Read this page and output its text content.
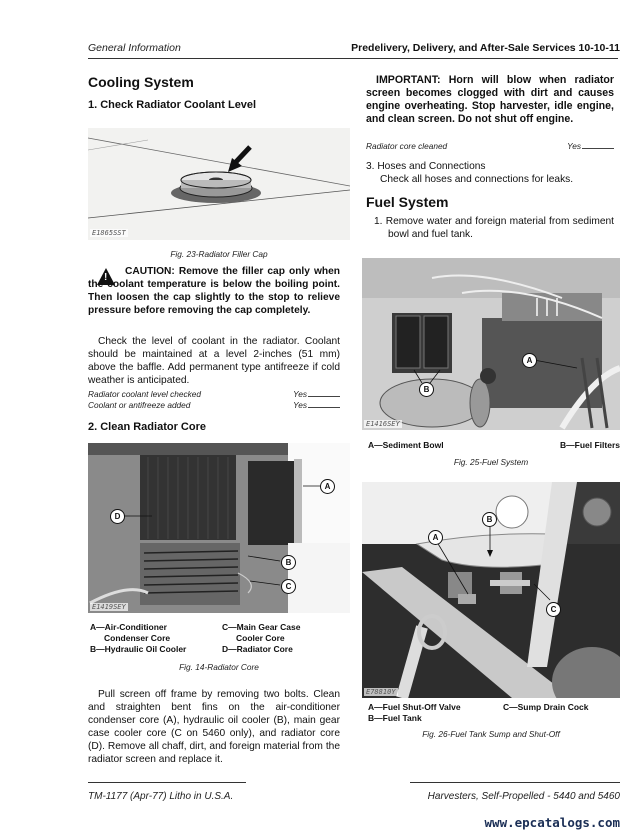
General Information	Predelivery, Delivery, and After-Sale Services 10-10-11
Cooling System
1. Check Radiator Coolant Level
E1865SST
Fig. 23-Radiator Filler Cap
!
CAUTION: Remove the filler cap only when the coolant temperature is below the boiling point. Then loosen the cap slightly to the stop to relieve pressure before removing the cap completely.
Check the level of coolant in the radiator. Coolant should be maintained at a level 2-inches (51 mm) above the baffle. Add permanent type antifreeze if cold weather is anticipated.
Radiator coolant level checked	Yes
Coolant or antifreeze added	Yes
2. Clean Radiator Core
A
B
C
D
E1419SEY
A—Air-Conditioner
Condenser Core
B—Hydraulic Oil Cooler
C—Main Gear Case
Cooler Core
D—Radiator Core
Fig. 14-Radiator Core
Pull screen off frame by removing two bolts. Clean and straighten bent fins on the air-conditioner condenser core (A), hydraulic oil cooler (B), main gear case cooler core (C on 5460 only), and radiator core (D). Remove all chaff, dirt, and foreign material from the radiator screen and replace it.
IMPORTANT: Horn will blow when radiator screen becomes clogged with dirt and causes engine overheating. Stop harvester, idle engine, and clean screen. Do not shut off engine.
Radiator core cleaned	Yes
3. Hoses and Connections
Check all hoses and connections for leaks.
Fuel System
1. Remove water and foreign material from sediment bowl and fuel tank.
B
A
E1416SEY
A—Sediment Bowl	B—Fuel Filters
Fig. 25-Fuel System
B
A
C
E78810Y
A—Fuel Shut-Off Valve
B—Fuel Tank
C—Sump Drain Cock
Fig. 26-Fuel Tank Sump and Shut-Off
TM-1177 (Apr-77) Litho in U.S.A.	Harvesters, Self-Propelled - 5440 and 5460
www.epcatalogs.com
